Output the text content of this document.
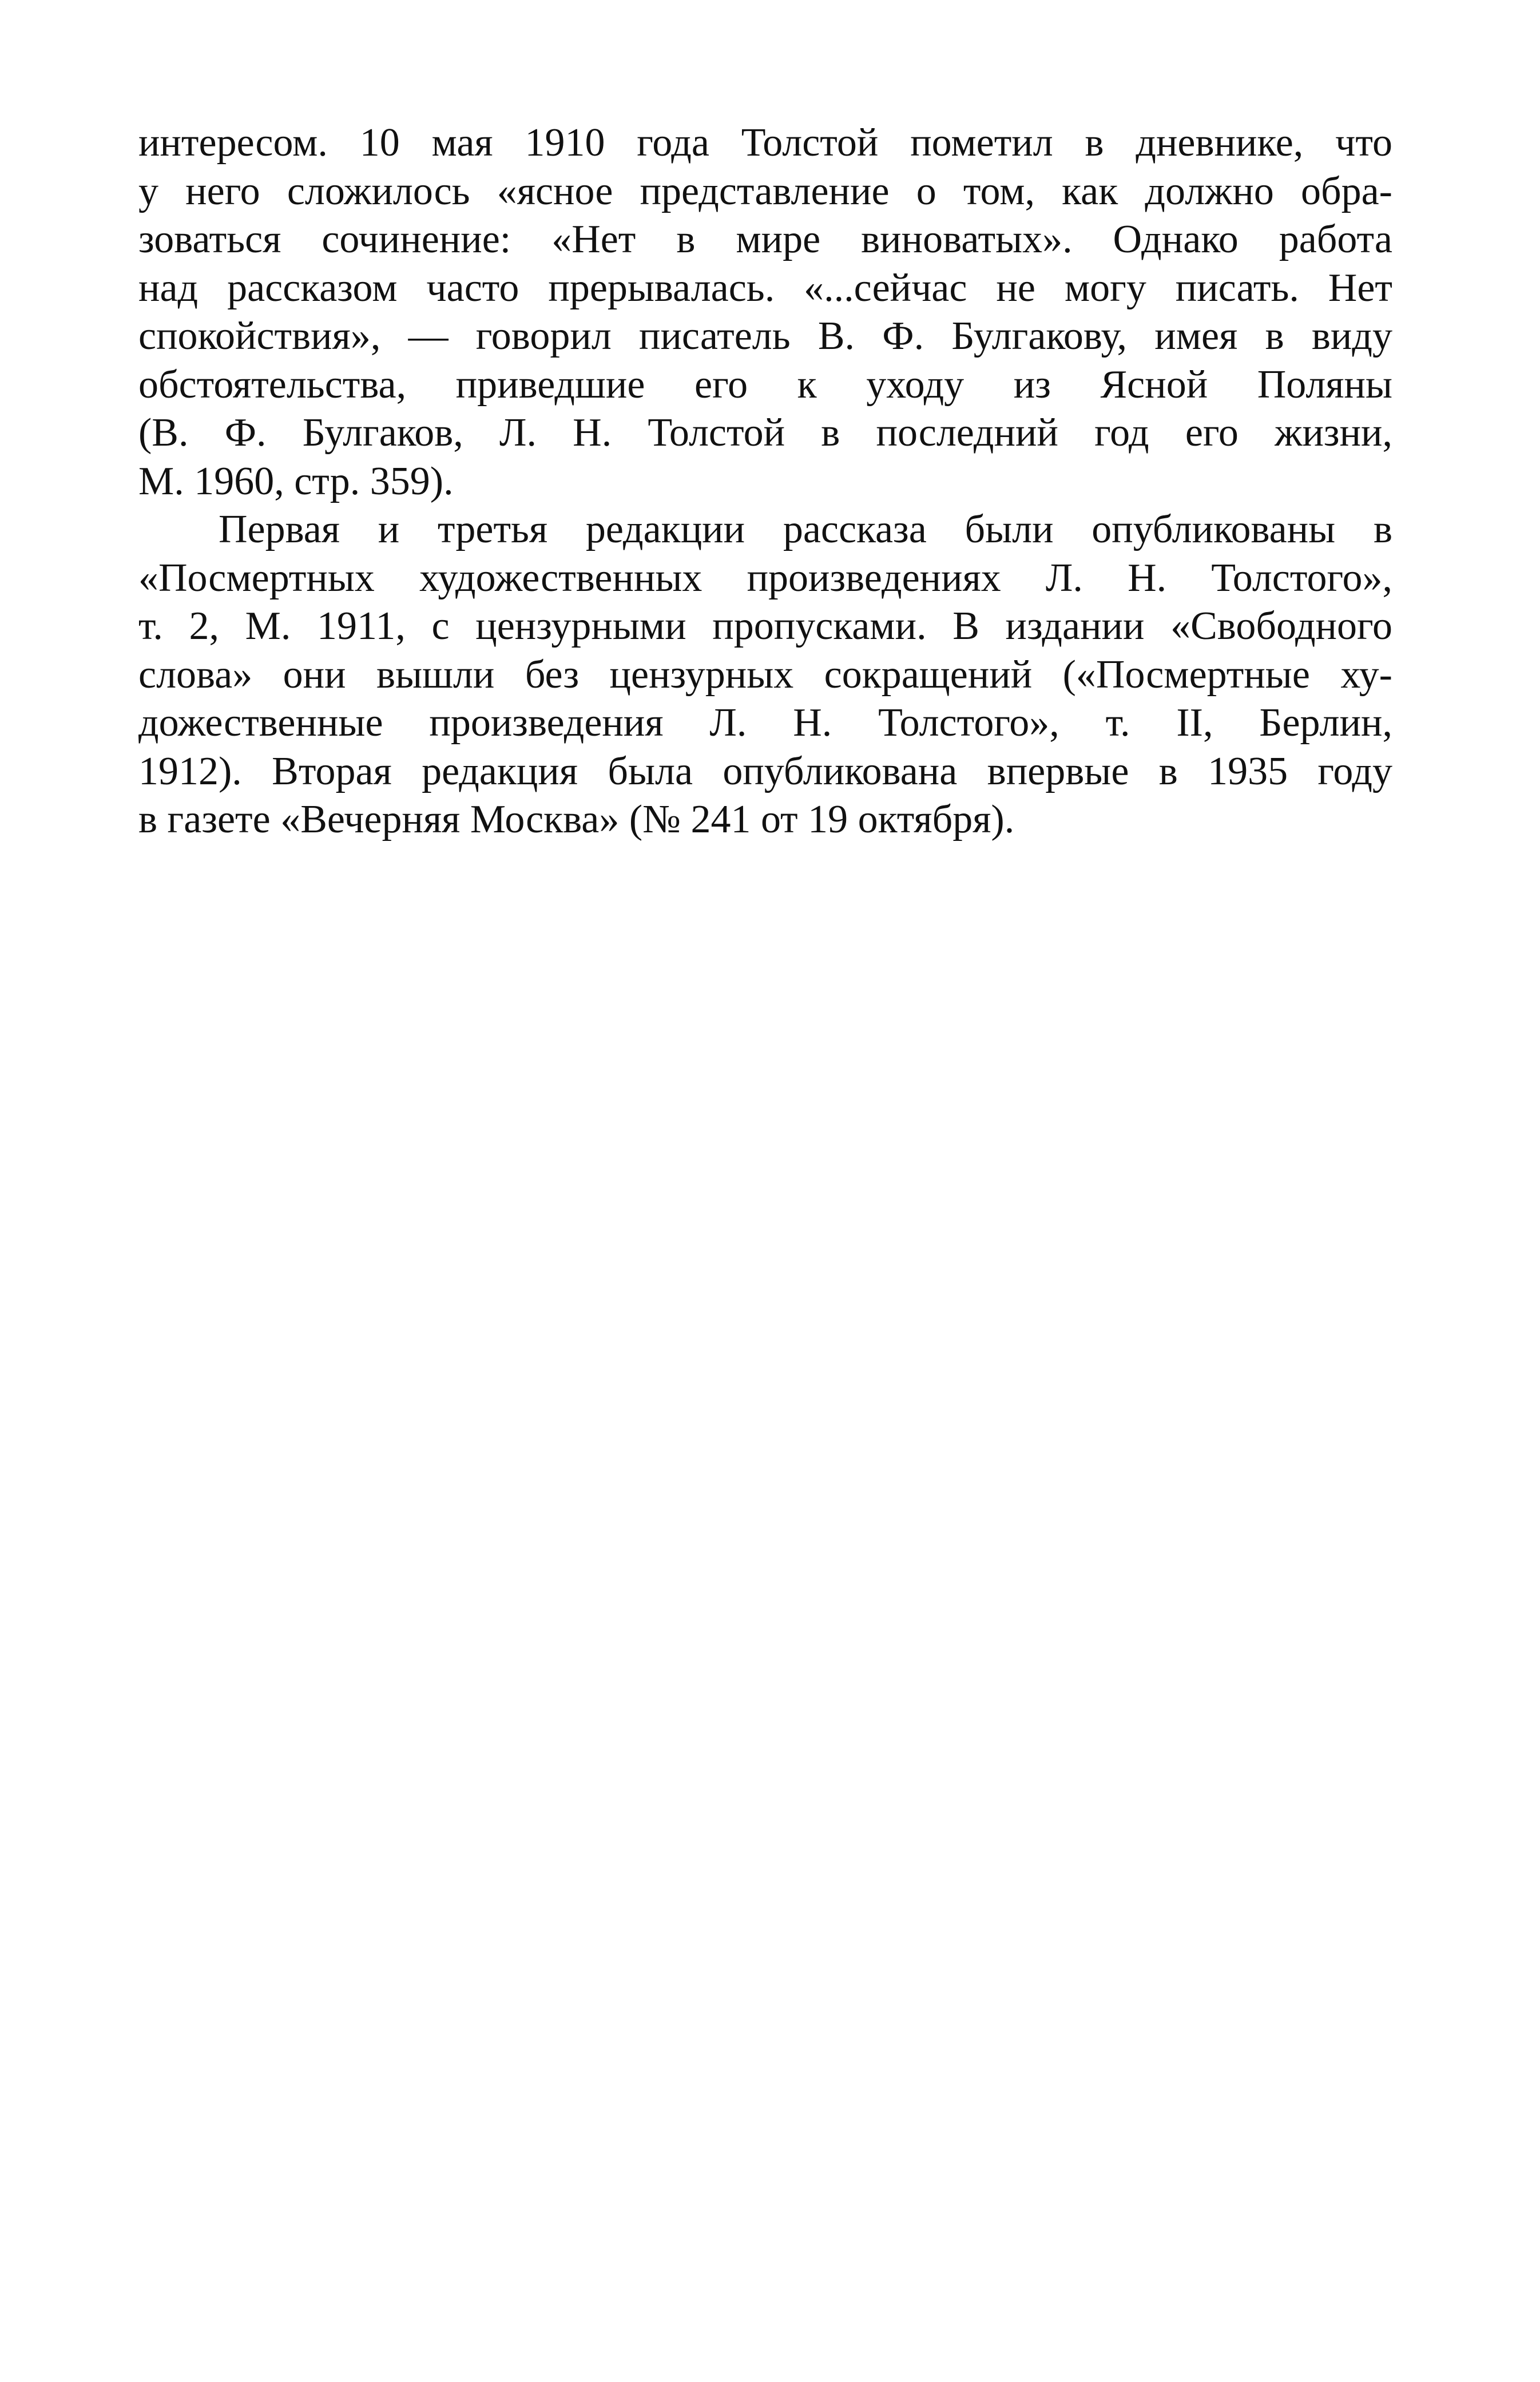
интересом. 10 мая 1910 года Толстой пометил в дневнике, что
у него сложилось «ясное представление о том, как должно обра-
зоваться сочинение: «Нет в мире виноватых». Однако работа
над рассказом часто прерывалась. «...сейчас не могу писать. Нет
спокойствия», — говорил писатель В. Ф. Булгакову, имея в виду
обстоятельства, приведшие его к уходу из Ясной Поляны
(В. Ф. Булгаков, Л. Н. Толстой в последний год его жизни,
М. 1960, стр. 359).

Первая и третья редакции рассказа были опубликованы в
«Посмертных художественных произведениях Л. Н. Толстого»,
т. 2, М. 1911, с цензурными пропусками. В издании «Свободного
слова» они вышли без цензурных сокращений («Посмертные ху-
дожественные произведения Л. Н. Толстого», т. II, Берлин,
1912). Вторая редакция была опубликована впервые в 1935 году
в газете «Вечерняя Москва» (№ 241 от 19 октября).
